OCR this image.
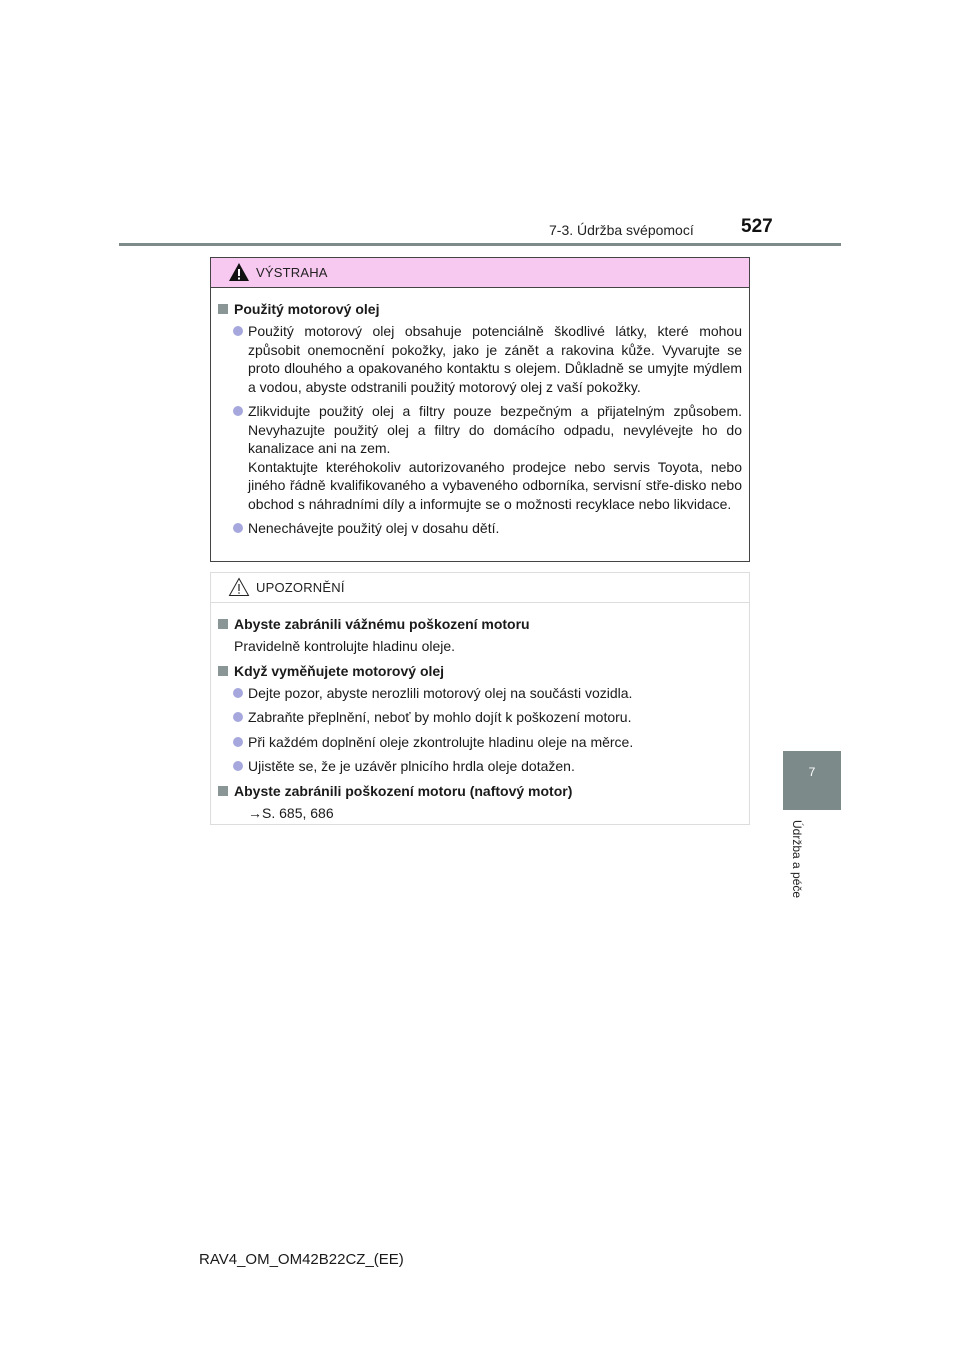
7-3. Údržba svépomocí 527
7
Údržba a péče
VÝSTRAHA
Použitý motorový olej
Použitý motorový olej obsahuje potenciálně škodlivé látky, které mohou způsobit onemocnění pokožky, jako je zánět a rakovina kůže. Vyvarujte se proto dlouhého a opakovaného kontaktu s olejem. Důkladně se umyjte mýdlem a vodou, abyste odstranili použitý motorový olej z vaší pokožky.
Zlikvidujte použitý olej a filtry pouze bezpečným a přijatelným způsobem. Nevyhazujte použitý olej a filtry do domácího odpadu, nevylévejte ho do kanalizace ani na zem.
Kontaktujte kteréhokoliv autorizovaného prodejce nebo servis Toyota, nebo jiného řádně kvalifikovaného a vybaveného odborníka, servisní stře-disko nebo obchod s náhradními díly a informujte se o možnosti recyklace nebo likvidace.
Nenechávejte použitý olej v dosahu dětí.
UPOZORNĚNÍ
Abyste zabránili vážnému poškození motoru
Pravidelně kontrolujte hladinu oleje.
Když vyměňujete motorový olej
Dejte pozor, abyste nerozlili motorový olej na součásti vozidla.
Zabraňte přeplnění, neboť by mohlo dojít k poškození motoru.
Při každém doplnění oleje zkontrolujte hladinu oleje na měrce.
Ujistěte se, že je uzávěr plnicího hrdla oleje dotažen.
Abyste zabránili poškození motoru (naftový motor)
→S. 685, 686
RAV4_OM_OM42B22CZ_(EE)
